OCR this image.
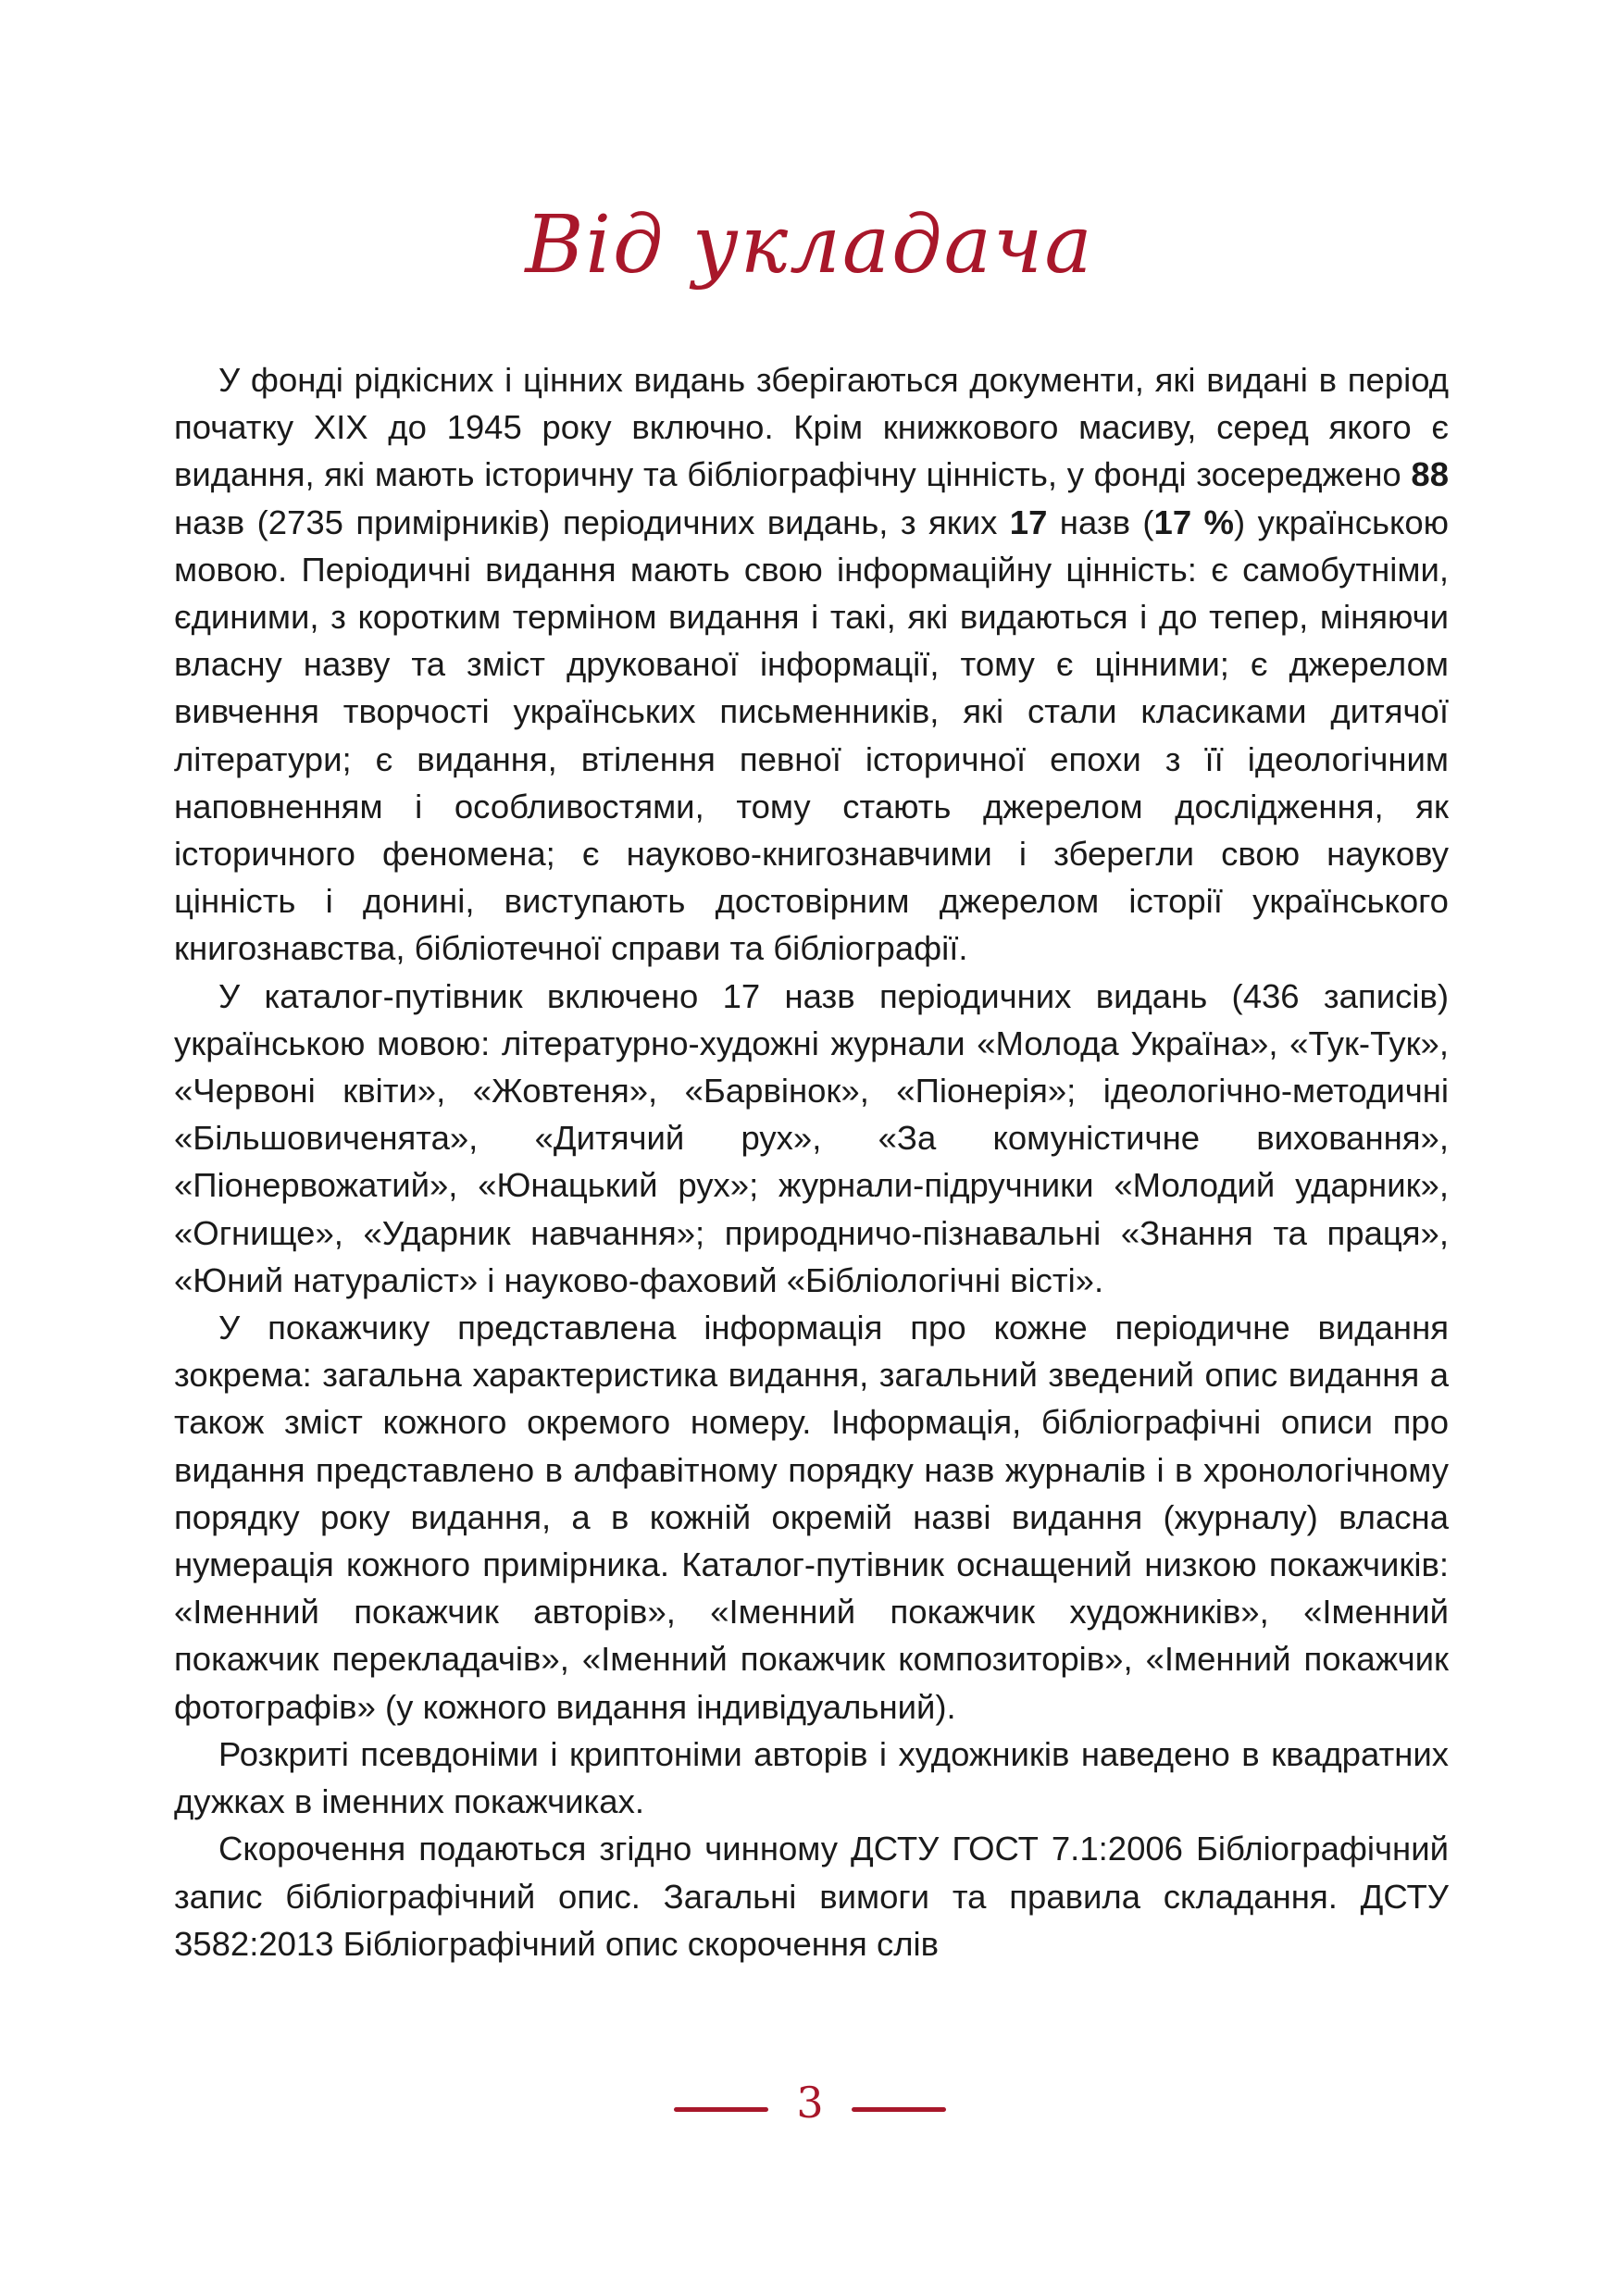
Від укладача

У фонді рідкісних і цінних видань зберігаються документи, які видані в період початку XIX до 1945 року включно. Крім книжкового масиву, серед якого є видання, які мають історичну та бібліографічну цінність, у фонді зосереджено 88 назв (2735 примірників) періодичних видань, з яких 17 назв (17 %) українською мовою. Періодичні видання мають свою інформаційну цінність: є самобутніми, єдиними, з коротким терміном видання і такі, які видаються і до тепер, міняючи власну назву та зміст друкованої інформації, тому є цінними; є джерелом вивчення творчості українських письменників, які стали класиками дитячої літератури; є видання, втілення певної історичної епохи з її ідеологічним наповненням і особливостями, тому стають джерелом дослідження, як історичного феномена; є науково-книгознавчими і зберегли свою наукову цінність і донині, виступають достовірним джерелом історії українського книгознавства, бібліотечної справи та бібліографії.

У каталог-путівник включено 17 назв періодичних видань (436 записів) українською мовою: літературно-художні журнали «Молода Україна», «Тук-Тук», «Червоні квіти», «Жовтеня», «Барвінок», «Піонерія»; ідеологічно-методичні «Більшовиченята», «Дитячий рух», «За комуністичне виховання», «Піонервожатий», «Юнацький рух»; журнали-підручники «Молодий ударник», «Огнище», «Ударник навчання»; природничо-пізнавальні «Знання та праця», «Юний натураліст» і науково-фаховий «Бібліологічні вісті».

У покажчику представлена інформація про кожне періодичне видання зокрема: загальна характеристика видання, загальний зведений опис видання а також зміст кожного окремого номеру. Інформація, бібліографічні описи про видання представлено в алфавітному порядку назв журналів і в хронологічному порядку року видання, а в кожній окремій назві видання (журналу) власна нумерація кожного примірника. Каталог-путівник оснащений низкою покажчиків: «Іменний покажчик авторів», «Іменний покажчик художників», «Іменний покажчик перекладачів», «Іменний покажчик композиторів», «Іменний покажчик фотографів» (у кожного видання індивідуальний).

Розкриті псевдоніми і криптоніми авторів і художників наведено в квадратних дужках в іменних покажчиках.

Скорочення подаються згідно чинному ДСТУ ГОСТ 7.1:2006 Бібліографічний запис бібліографічний опис. Загальні вимоги та правила складання. ДСТУ 3582:2013 Бібліографічний опис скорочення слів

3
